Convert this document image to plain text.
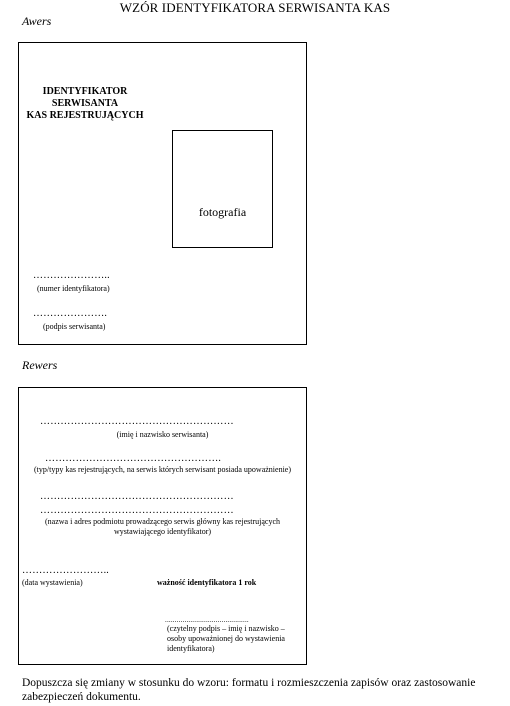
WZÓR IDENTYFIKATORA SERWISANTA KAS
Awers
IDENTYFIKATOR
SERWISANTA
KAS REJESTRUJĄCYCH
fotografia
…………………..
(numer identyfikatora)
………………….
(podpis serwisanta)
Rewers
…………………………………………………
(imię i nazwisko serwisanta)
…………………………………………….
(typ/typy kas rejestrujących, na serwis których serwisant posiada upoważnienie)
…………………………………………………
…………………………………………………
(nazwa i adres podmiotu prowadzącego serwis główny kas rejestrujących
wystawiającego identyfikator)
……………………..
(data wystawienia)	ważność identyfikatora 1 rok
...........................................
(czytelny podpis – imię i nazwisko –
osoby upoważnionej do wystawienia
identyfikatora)
Dopuszcza się zmiany w stosunku do wzoru: formatu i rozmieszczenia zapisów oraz zastosowanie zabezpieczeń dokumentu.
